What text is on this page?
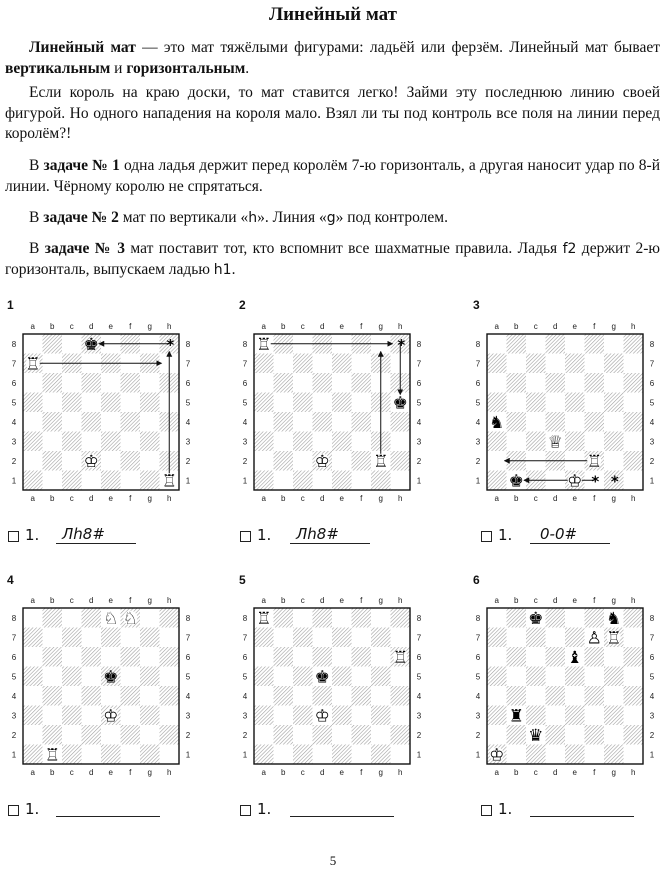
Линейный мат

Линейный мат — это мат тяжёлыми фигурами: ладьёй или ферзём. Линейный мат бывает вертикальным и горизонтальным.

Если король на краю доски, то мат ставится легко! Займи эту последнюю линию своей фигурой. Но одного нападения на короля мало. Взял ли ты под контроль все поля на линии перед королём?!

В задаче № 1 одна ладья держит перед королём 7-ю горизонталь, а другая наносит удар по 8-й линии. Чёрному королю не спрятаться.

В задаче № 2 мат по вертикали «h». Линия «g» под контролем.

В задаче № 3 мат поставит тот, кто вспомнит все шахматные правила. Ладья f2 держит 2-ю горизонталь, выпускаем ладью h1.

1
a
a
b
b
c
c
d
d
e
e
f
f
g
g
h
h
1	1
2	2
3	3
4	4
5	5
6	6
7	7
8	8
♚
♖
♔
♖
*
1. Лh8#
2
a
a
b
b
c
c
d
d
e
e
f
f
g
g
h
h
1	1
2	2
3	3
4	4
5	5
6	6
7	7
8	8
♖
♚
♔	♖
*
1. Лh8#
3
a
a
b
b
c
c
d
d
e
e
f
f
g
g
h
h
1	1
2	2
3	3
4	4
5	5
6	6
7	7
8	8
♞
♕
♖
♚	♔ * *
1. 0-0#
4
a
a
b
b
c
c
d
d
e
e
f
f
g
g
h
h
1	1
2	2
3	3
4	4
5	5
6	6
7	7
8	8
♘ ♘
♚
♔
♖
1.
5
a
a
b
b
c
c
d
d
e
e
f
f
g
g
h
h
1	1
2	2
3	3
4	4
5	5
6	6
7	7
8	8
♖
♖
♚
♔
1.
6
a
a
b
b
c
c
d
d
e
e
f
f
g
g
h
h
1	1
2	2
3	3
4	4
5	5
6	6
7	7
8	8
♚	♞
♙ ♖
♝
♜
♛
♔
1.
5
